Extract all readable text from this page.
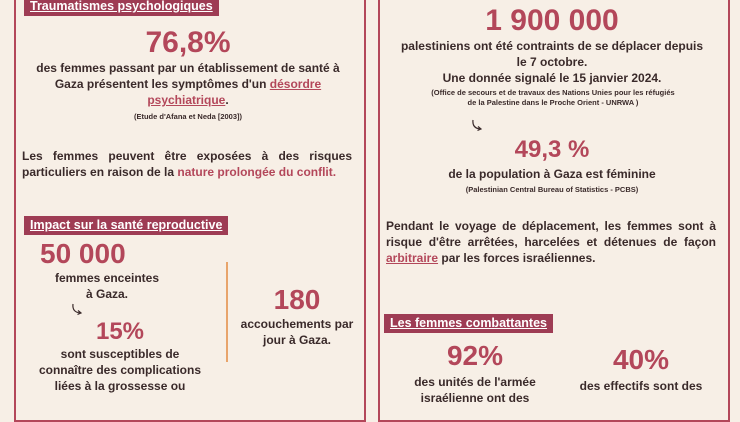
Traumatismes psychologiques
76,8%
des femmes passant par un établissement de santé à Gaza présentent les symptômes d'un désordre psychiatrique.
(Etude d'Afana et Neda [2003])
Les femmes peuvent être exposées à des risques particuliers en raison de la nature prolongée du conflit.
Impact sur la santé reproductive
50 000
femmes enceintes à Gaza.
15%
sont susceptibles de connaître des complications liées à la grossesse ou
180
accouchements par jour à Gaza.
1 900 000
palestiniens ont été contraints de se déplacer depuis le 7 octobre.
Une donnée signalé le 15 janvier 2024.
(Office de secours et de travaux des Nations Unies pour les réfugiés de la Palestine dans le Proche Orient - UNRWA )
49,3 %
de la population à Gaza est féminine
(Palestinian Central Bureau of Statistics - PCBS)
Pendant le voyage de déplacement, les femmes sont à risque d'être arrêtées, harcelées et détenues de façon arbitraire par les forces israéliennes.
Les femmes combattantes
92%
des unités de l'armée israélienne ont des
40%
des effectifs sont des
